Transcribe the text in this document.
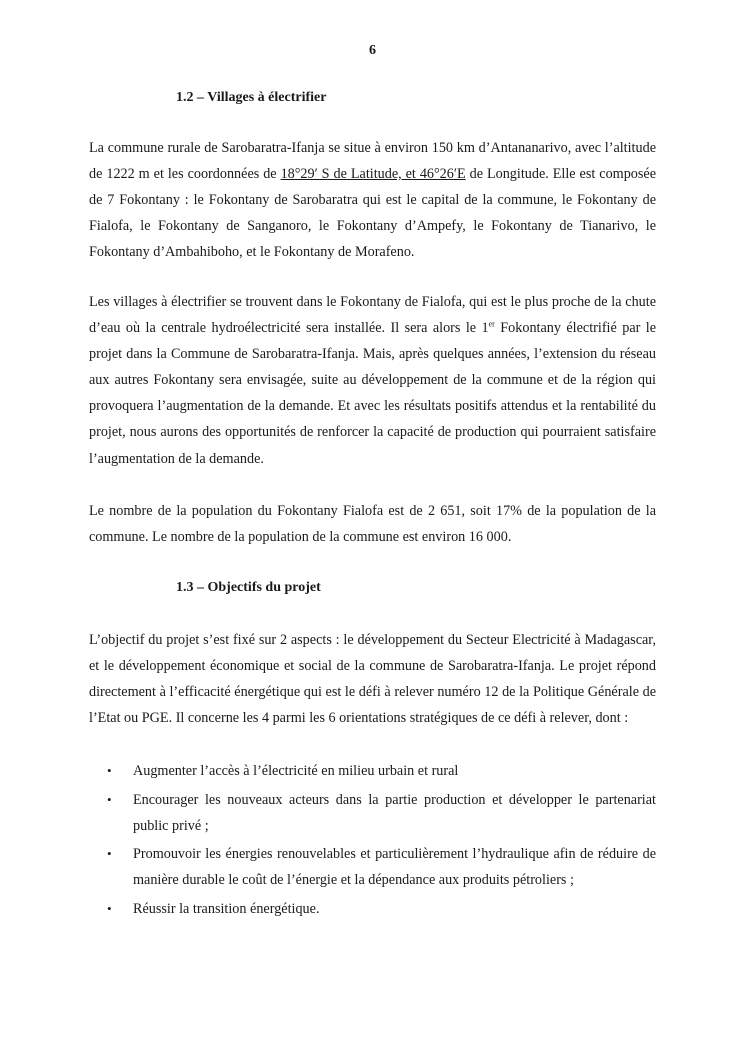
6
1.2 – Villages à électrifier

La commune rurale de Sarobaratra-Ifanja se situe à environ 150 km d’Antananarivo, avec l’altitude de 1222 m et les coordonnées de 18°29′ S de Latitude, et 46°26′E de Longitude. Elle est composée de 7 Fokontany : le Fokontany de Sarobaratra qui est le capital de la commune, le Fokontany de Fialofa, le Fokontany de Sanganoro, le Fokontany d’Ampefy, le Fokontany de Tianarivo, le Fokontany d’Ambahiboho, et le Fokontany de Morafeno.

Les villages à électrifier se trouvent dans le Fokontany de Fialofa, qui est le plus proche de la chute d’eau où la centrale hydroélectricité sera installée. Il sera alors le 1er Fokontany électrifié par le projet dans la Commune de Sarobaratra-Ifanja. Mais, après quelques années, l’extension du réseau aux autres Fokontany sera envisagée, suite au développement de la commune et de la région qui provoquera l’augmentation de la demande. Et avec les résultats positifs attendus et la rentabilité du projet, nous aurons des opportunités de renforcer la capacité de production qui pourraient satisfaire l’augmentation de la demande.

Le nombre de la population du Fokontany Fialofa est de 2 651, soit 17% de la population de la commune. Le nombre de la population de la commune est environ 16 000.

1.3 – Objectifs du projet

L’objectif du projet s’est fixé sur 2 aspects : le développement du Secteur Electricité à Madagascar, et le développement économique et social de la commune de Sarobaratra-Ifanja. Le projet répond directement à l’efficacité énergétique qui est le défi à relever numéro 12 de la Politique Générale de l’Etat ou PGE. Il concerne les 4 parmi les 6 orientations stratégiques de ce défi à relever, dont :

• Augmenter l’accès à l’électricité en milieu urbain et rural
• Encourager les nouveaux acteurs dans la partie production et développer le partenariat public privé ;
• Promouvoir les énergies renouvelables et particulièrement l’hydraulique afin de réduire de manière durable le coût de l’énergie et la dépendance aux produits pétroliers ;
• Réussir la transition énergétique.
